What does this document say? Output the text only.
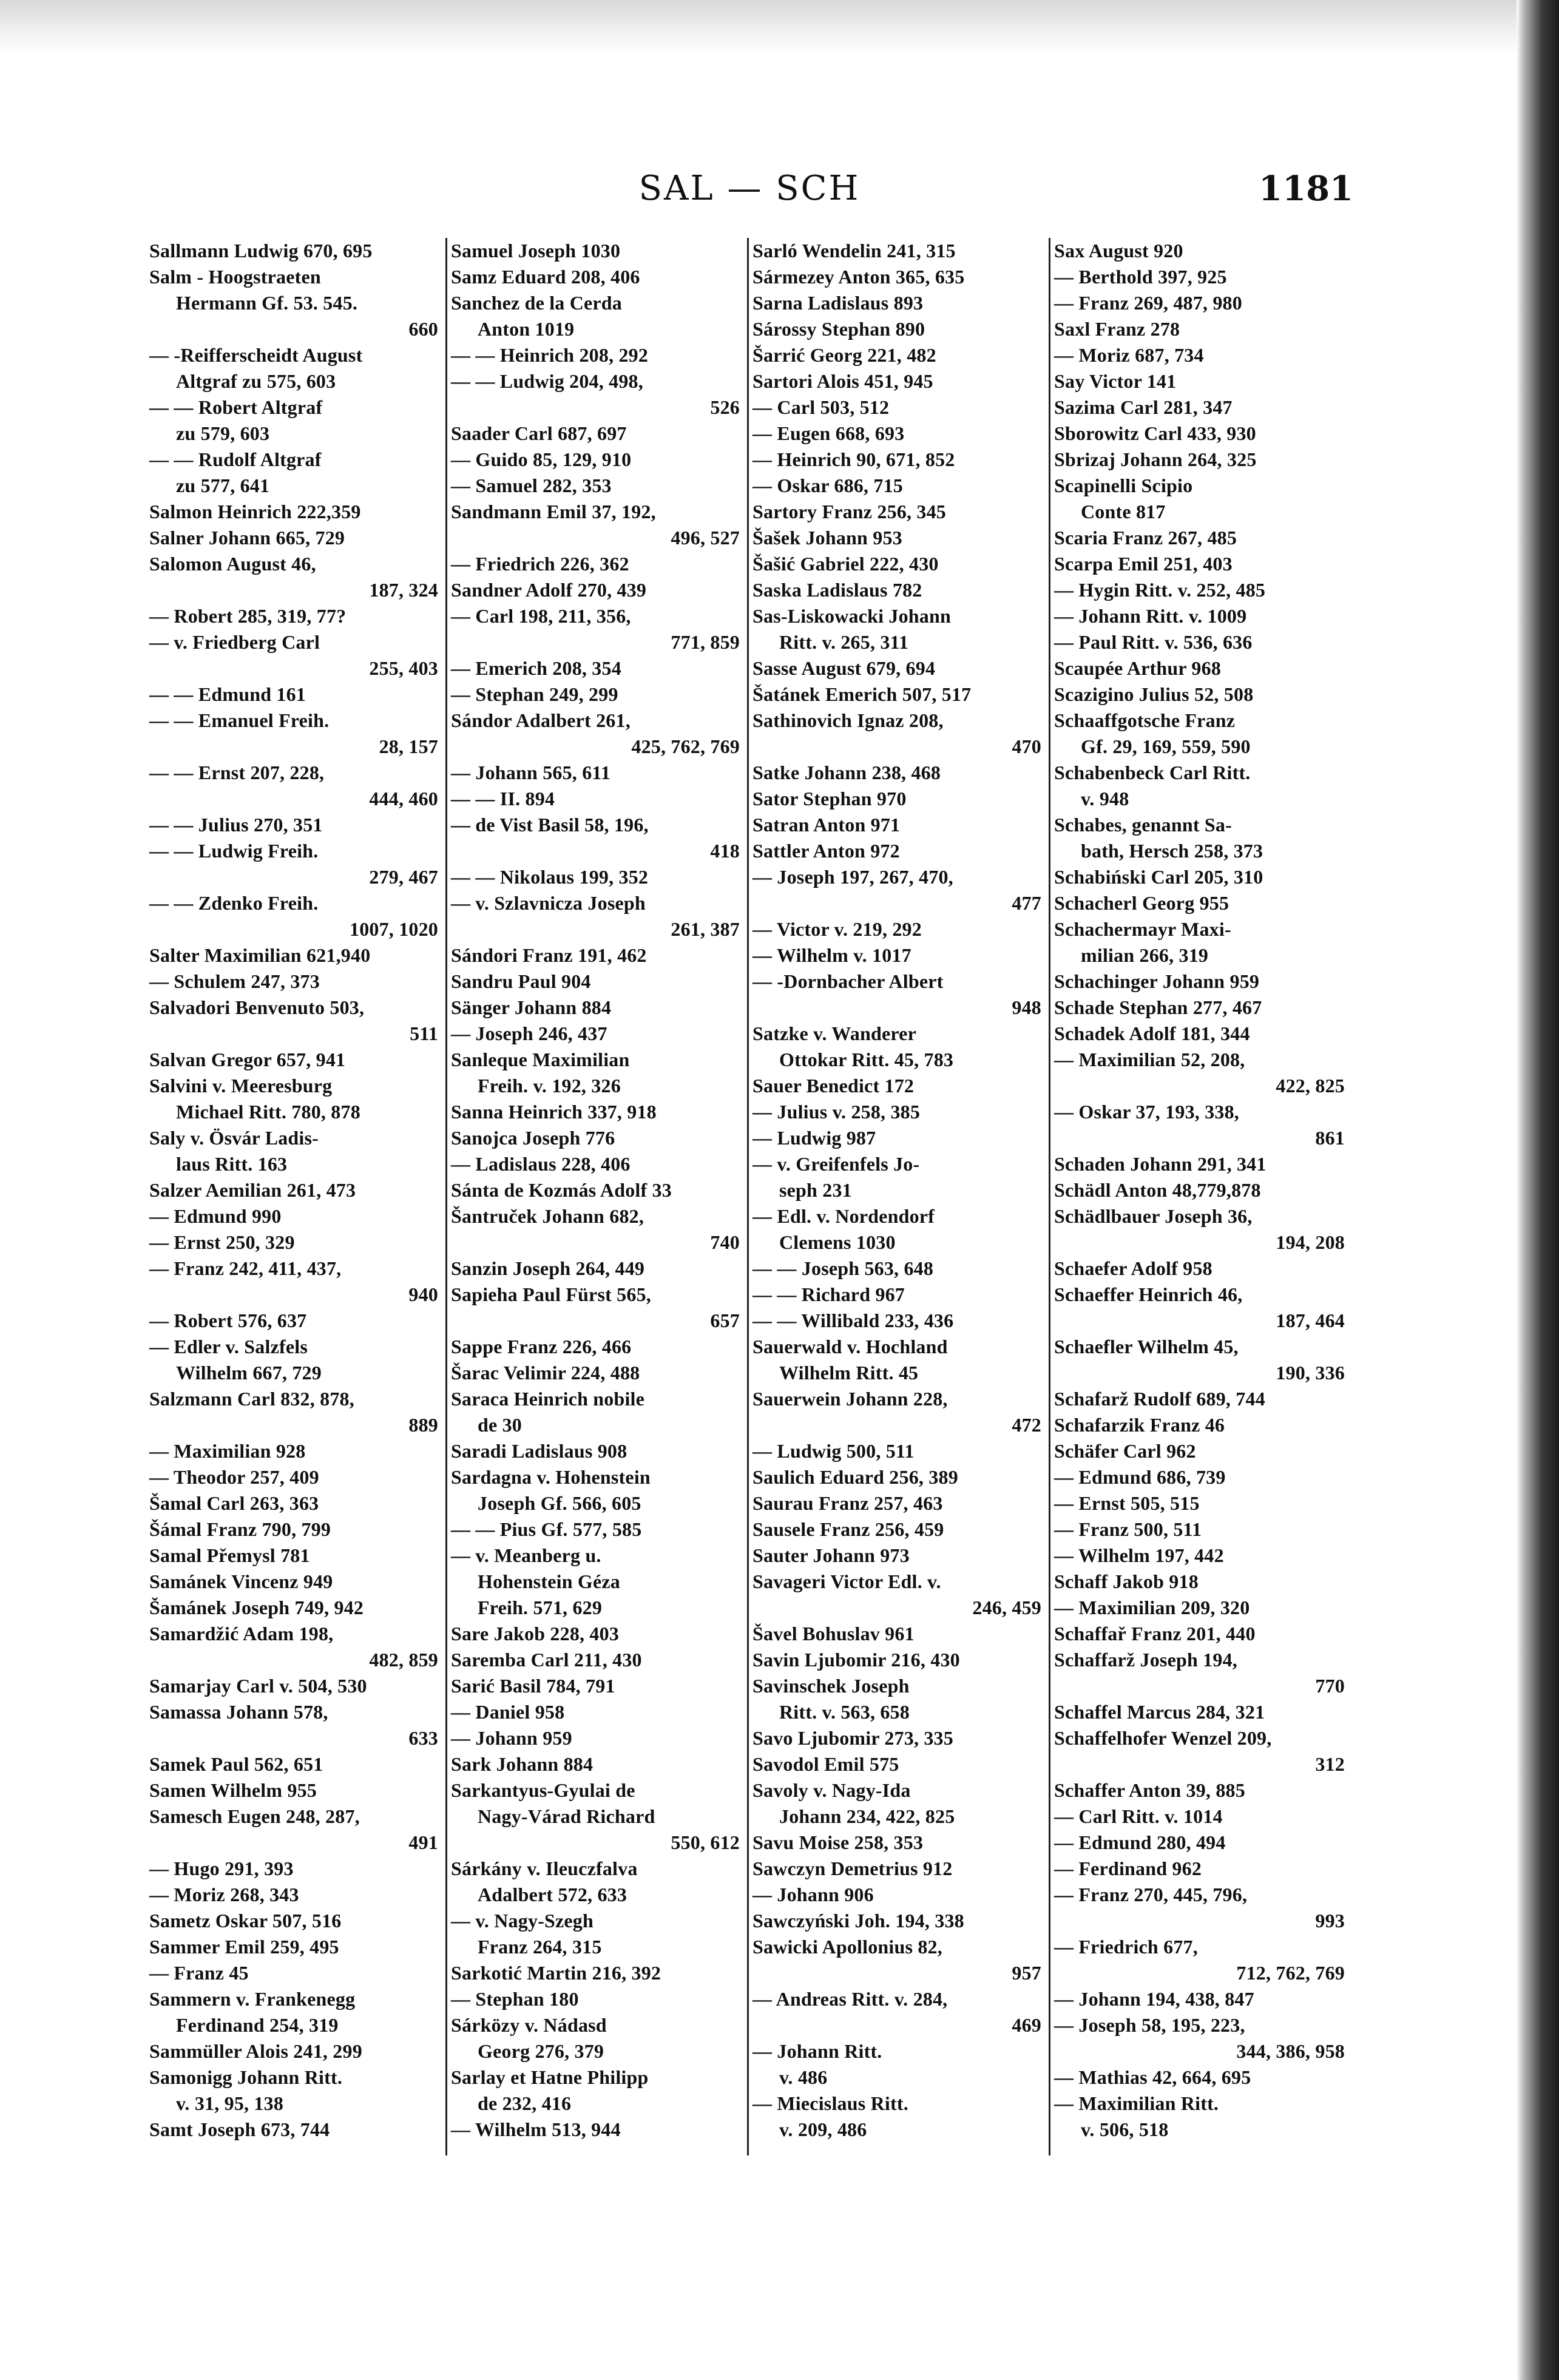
SAL — SCH	1181
Sallmann Ludwig 670, 695
Salm - Hoogstraeten
Hermann Gf. 53. 545.
660
— -Reifferscheidt August
Altgraf zu 575, 603
— — Robert Altgraf
zu 579, 603
— — Rudolf Altgraf
zu 577, 641
Salmon Heinrich 222,359
Salner Johann 665, 729
Salomon August 46,
187, 324
— Robert 285, 319, 77?
— v. Friedberg Carl
255, 403
— — Edmund 161
— — Emanuel Freih.
28, 157
— — Ernst 207, 228,
444, 460
— — Julius 270, 351
— — Ludwig Freih.
279, 467
— — Zdenko Freih.
1007, 1020
Salter Maximilian 621,940
— Schulem 247, 373
Salvadori Benvenuto 503,
511
Salvan Gregor 657, 941
Salvini v. Meeresburg
Michael Ritt. 780, 878
Saly v. Ösvár Ladis-
laus Ritt. 163
Salzer Aemilian 261, 473
— Edmund 990
— Ernst 250, 329
— Franz 242, 411, 437,
940
— Robert 576, 637
— Edler v. Salzfels
Wilhelm 667, 729
Salzmann Carl 832, 878,
889
— Maximilian 928
— Theodor 257, 409
Šamal Carl 263, 363
Šámal Franz 790, 799
Samal Přemysl 781
Samánek Vincenz 949
Šamánek Joseph 749, 942
Samardžić Adam 198,
482, 859
Samarjay Carl v. 504, 530
Samassa Johann 578,
633
Samek Paul 562, 651
Samen Wilhelm 955
Samesch Eugen 248, 287,
491
— Hugo 291, 393
— Moriz 268, 343
Sametz Oskar 507, 516
Sammer Emil 259, 495
— Franz 45
Sammern v. Frankenegg
Ferdinand 254, 319
Sammüller Alois 241, 299
Samonigg Johann Ritt.
v. 31, 95, 138
Samt Joseph 673, 744
Samuel Joseph 1030
Samz Eduard 208, 406
Sanchez de la Cerda
Anton 1019
— — Heinrich 208, 292
— — Ludwig 204, 498,
526
Saader Carl 687, 697
— Guido 85, 129, 910
— Samuel 282, 353
Sandmann Emil 37, 192,
496, 527
— Friedrich 226, 362
Sandner Adolf 270, 439
— Carl 198, 211, 356,
771, 859
— Emerich 208, 354
— Stephan 249, 299
Sándor Adalbert 261,
425, 762, 769
— Johann 565, 611
— — II. 894
— de Vist Basil 58, 196,
418
— — Nikolaus 199, 352
— v. Szlavnicza Joseph
261, 387
Sándori Franz 191, 462
Sandru Paul 904
Sänger Johann 884
— Joseph 246, 437
Sanleque Maximilian
Freih. v. 192, 326
Sanna Heinrich 337, 918
Sanojca Joseph 776
— Ladislaus 228, 406
Sánta de Kozmás Adolf 33
Šantruček Johann 682,
740
Sanzin Joseph 264, 449
Sapieha Paul Fürst 565,
657
Sappe Franz 226, 466
Šarac Velimir 224, 488
Saraca Heinrich nobile
de 30
Saradi Ladislaus 908
Sardagna v. Hohenstein
Joseph Gf. 566, 605
— — Pius Gf. 577, 585
— v. Meanberg u.
Hohenstein Géza
Freih. 571, 629
Sare Jakob 228, 403
Saremba Carl 211, 430
Sarić Basil 784, 791
— Daniel 958
— Johann 959
Sark Johann 884
Sarkantyus-Gyulai de
Nagy-Várad Richard
550, 612
Sárkány v. Ileuczfalva
Adalbert 572, 633
— v. Nagy-Szegh
Franz 264, 315
Sarkotić Martin 216, 392
— Stephan 180
Sárközy v. Nádasd
Georg 276, 379
Sarlay et Hatne Philipp
de 232, 416
— Wilhelm 513, 944
Sarló Wendelin 241, 315
Sármezey Anton 365, 635
Sarna Ladislaus 893
Sárossy Stephan 890
Šarrić Georg 221, 482
Sartori Alois 451, 945
— Carl 503, 512
— Eugen 668, 693
— Heinrich 90, 671, 852
— Oskar 686, 715
Sartory Franz 256, 345
Šašek Johann 953
Šašić Gabriel 222, 430
Saska Ladislaus 782
Sas-Liskowacki Johann
Ritt. v. 265, 311
Sasse August 679, 694
Šatánek Emerich 507, 517
Sathinovich Ignaz 208,
470
Satke Johann 238, 468
Sator Stephan 970
Satran Anton 971
Sattler Anton 972
— Joseph 197, 267, 470,
477
— Victor v. 219, 292
— Wilhelm v. 1017
— -Dornbacher Albert
948
Satzke v. Wanderer
Ottokar Ritt. 45, 783
Sauer Benedict 172
— Julius v. 258, 385
— Ludwig 987
— v. Greifenfels Jo-
seph 231
— Edl. v. Nordendorf
Clemens 1030
— — Joseph 563, 648
— — Richard 967
— — Willibald 233, 436
Sauerwald v. Hochland
Wilhelm Ritt. 45
Sauerwein Johann 228,
472
— Ludwig 500, 511
Saulich Eduard 256, 389
Saurau Franz 257, 463
Sausele Franz 256, 459
Sauter Johann 973
Savageri Victor Edl. v.
246, 459
Šavel Bohuslav 961
Savin Ljubomir 216, 430
Savinschek Joseph
Ritt. v. 563, 658
Savo Ljubomir 273, 335
Savodol Emil 575
Savoly v. Nagy-Ida
Johann 234, 422, 825
Savu Moise 258, 353
Sawczyn Demetrius 912
— Johann 906
Sawczyński Joh. 194, 338
Sawicki Apollonius 82,
957
— Andreas Ritt. v. 284,
469
— Johann Ritt.
v. 486
— Miecislaus Ritt.
v. 209, 486
Sax August 920
— Berthold 397, 925
— Franz 269, 487, 980
Saxl Franz 278
— Moriz 687, 734
Say Victor 141
Sazima Carl 281, 347
Sborowitz Carl 433, 930
Sbrizaj Johann 264, 325
Scapinelli Scipio
Conte 817
Scaria Franz 267, 485
Scarpa Emil 251, 403
— Hygin Ritt. v. 252, 485
— Johann Ritt. v. 1009
— Paul Ritt. v. 536, 636
Scaupée Arthur 968
Scazigino Julius 52, 508
Schaaffgotsche Franz
Gf. 29, 169, 559, 590
Schabenbeck Carl Ritt.
v. 948
Schabes, genannt Sa-
bath, Hersch 258, 373
Schabiński Carl 205, 310
Schacherl Georg 955
Schachermayr Maxi-
milian 266, 319
Schachinger Johann 959
Schade Stephan 277, 467
Schadek Adolf 181, 344
— Maximilian 52, 208,
422, 825
— Oskar 37, 193, 338,
861
Schaden Johann 291, 341
Schädl Anton 48,779,878
Schädlbauer Joseph 36,
194, 208
Schaefer Adolf 958
Schaeffer Heinrich 46,
187, 464
Schaefler Wilhelm 45,
190, 336
Schafarž Rudolf 689, 744
Schafarzik Franz 46
Schäfer Carl 962
— Edmund 686, 739
— Ernst 505, 515
— Franz 500, 511
— Wilhelm 197, 442
Schaff Jakob 918
— Maximilian 209, 320
Schaffař Franz 201, 440
Schaffarž Joseph 194,
770
Schaffel Marcus 284, 321
Schaffelhofer Wenzel 209,
312
Schaffer Anton 39, 885
— Carl Ritt. v. 1014
— Edmund 280, 494
— Ferdinand 962
— Franz 270, 445, 796,
993
— Friedrich 677,
712, 762, 769
— Johann 194, 438, 847
— Joseph 58, 195, 223,
344, 386, 958
— Mathias 42, 664, 695
— Maximilian Ritt.
v. 506, 518
